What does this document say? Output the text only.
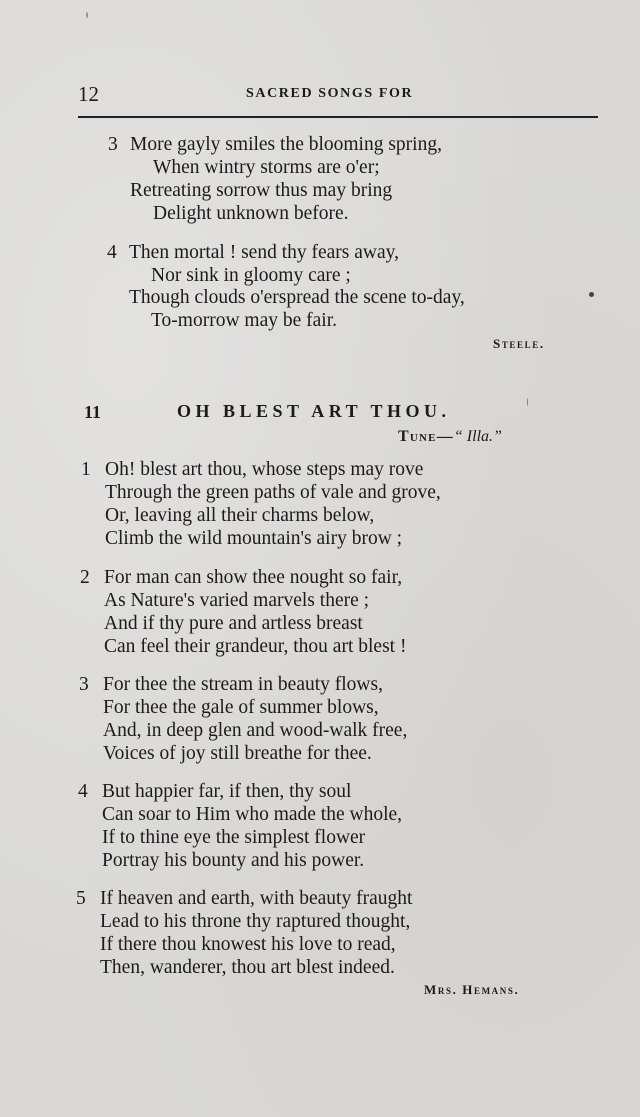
12	SACRED SONGS FOR
3 More gayly smiles the blooming spring,
When wintry storms are o'er;
Retreating sorrow thus may bring
Delight unknown before.
4 Then mortal ! send thy fears away,
Nor sink in gloomy care ;
Though clouds o'erspread the scene to-day,
To-morrow may be fair.
Steele.
11	OH BLEST ART THOU.
Tune—“ Illa.”
1 Oh! blest art thou, whose steps may rove
Through the green paths of vale and grove,
Or, leaving all their charms below,
Climb the wild mountain's airy brow ;
2 For man can show thee nought so fair,
As Nature's varied marvels there ;
And if thy pure and artless breast
Can feel their grandeur, thou art blest !
3 For thee the stream in beauty flows,
For thee the gale of summer blows,
And, in deep glen and wood-walk free,
Voices of joy still breathe for thee.
4 But happier far, if then, thy soul
Can soar to Him who made the whole,
If to thine eye the simplest flower
Portray his bounty and his power.
5 If heaven and earth, with beauty fraught
Lead to his throne thy raptured thought,
If there thou knowest his love to read,
Then, wanderer, thou art blest indeed.
Mrs. Hemans.
